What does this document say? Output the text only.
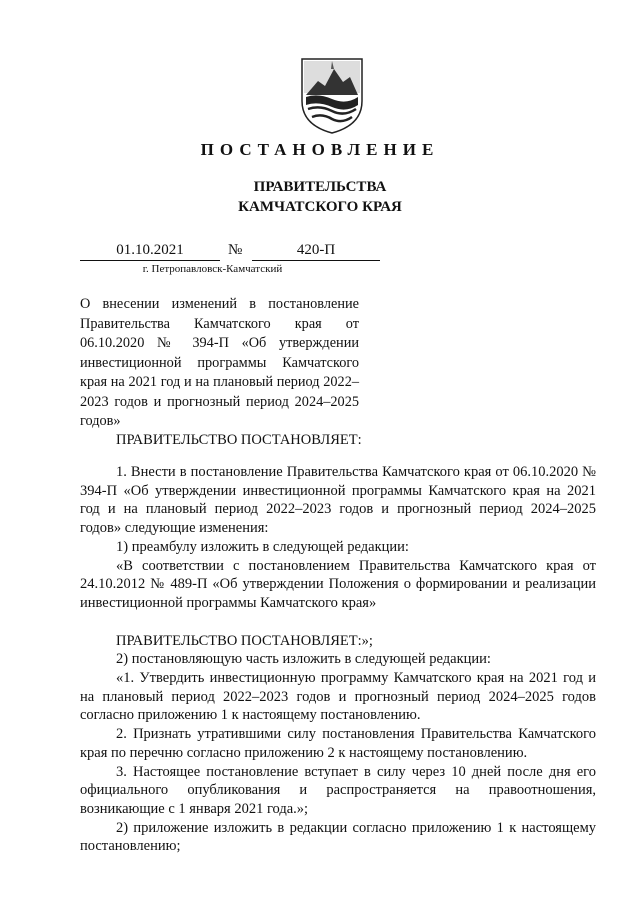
ПОСТАНОВЛЕНИЕ
ПРАВИТЕЛЬСТВА
КАМЧАТСКОГО КРАЯ
01.10.2021	№	420-П
г. Петропавловск-Камчатский
О внесении изменений в постановление Правительства Камчатского края от 06.10.2020 № 394-П «Об утверждении инвестиционной программы Камчатского края на 2021 год и на плановый период 2022–2023 годов и прогнозный период 2024–2025 годов»
ПРАВИТЕЛЬСТВО ПОСТАНОВЛЯЕТ:

1. Внести в постановление Правительства Камчатского края от 06.10.2020 № 394-П «Об утверждении инвестиционной программы Камчатского края на 2021 год и на плановый период 2022–2023 годов и прогнозный период 2024–2025 годов» следующие изменения:

1) преамбулу изложить в следующей редакции:

«В соответствии с постановлением Правительства Камчатского края от 24.10.2012 № 489-П «Об утверждении Положения о формировании и реализации инвестиционной программы Камчатского края»

ПРАВИТЕЛЬСТВО ПОСТАНОВЛЯЕТ:»;

2) постановляющую часть изложить в следующей редакции:

«1. Утвердить инвестиционную программу Камчатского края на 2021 год и на плановый период 2022–2023 годов и прогнозный период 2024–2025 годов согласно приложению 1 к настоящему постановлению.

2. Признать утратившими силу постановления Правительства Камчатского края по перечню согласно приложению 2 к настоящему постановлению.

3. Настоящее постановление вступает в силу через 10 дней после дня его официального опубликования и распространяется на правоотношения, возникающие с 1 января 2021 года.»;

2) приложение изложить в редакции согласно приложению 1 к настоящему постановлению;
